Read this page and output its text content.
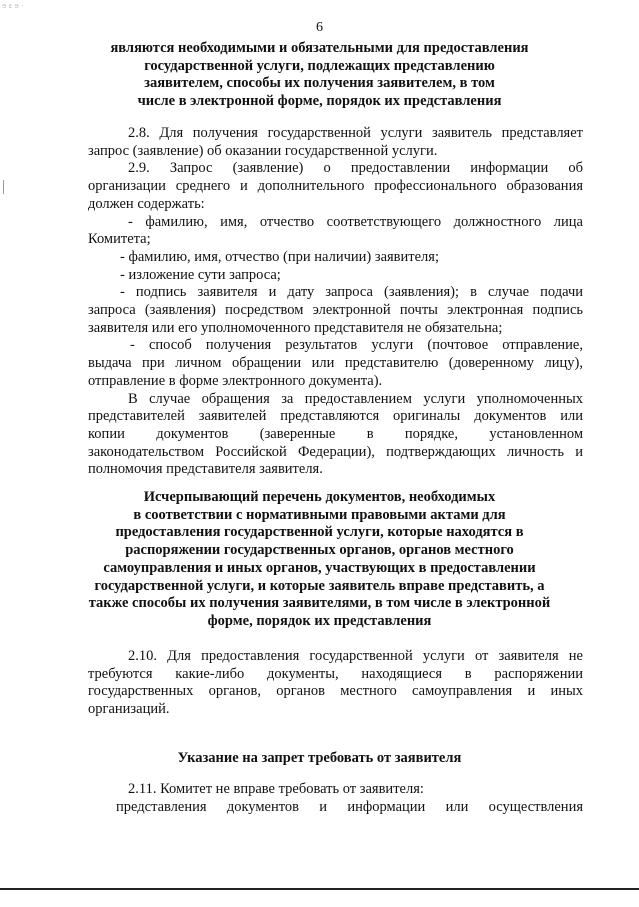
ɘ ɛ ɘ ·
6
являются необходимыми и обязательными для предоставления
государственной услуги, подлежащих представлению
заявителем, способы их получения заявителем, в том
числе в электронной форме, порядок их представления
2.8. Для получения государственной услуги заявитель представляет
запрос (заявление) об оказании государственной услуги.
2.9. Запрос (заявление) о предоставлении информации об
организации среднего и дополнительного профессионального образования
должен содержать:
- фамилию, имя, отчество соответствующего должностного лица
Комитета;
- фамилию, имя, отчество (при наличии) заявителя;
- изложение сути запроса;
- подпись заявителя и дату запроса (заявления); в случае подачи
запроса (заявления) посредством электронной почты электронная подпись
заявителя или его уполномоченного представителя не обязательна;
- способ получения результатов услуги (почтовое отправление,
выдача при личном обращении или представителю (доверенному лицу),
отправление в форме электронного документа).
В случае обращения за предоставлением услуги уполномоченных
представителей заявителей представляются оригиналы документов или
копии документов (заверенные в порядке, установленном
законодательством Российской Федерации), подтверждающих личность и
полномочия представителя заявителя.
Исчерпывающий перечень документов, необходимых
в соответствии с нормативными правовыми актами для
предоставления государственной услуги, которые находятся в
распоряжении государственных органов, органов местного
самоуправления и иных органов, участвующих в предоставлении
государственной услуги, и которые заявитель вправе представить, а
также способы их получения заявителями, в том числе в электронной
форме, порядок их представления
2.10. Для предоставления государственной услуги от заявителя не
требуются какие-либо документы, находящиеся в распоряжении
государственных органов, органов местного самоуправления и иных
организаций.
Указание на запрет требовать от заявителя
2.11. Комитет не вправе требовать от заявителя:
представления документов и информации или осуществления
